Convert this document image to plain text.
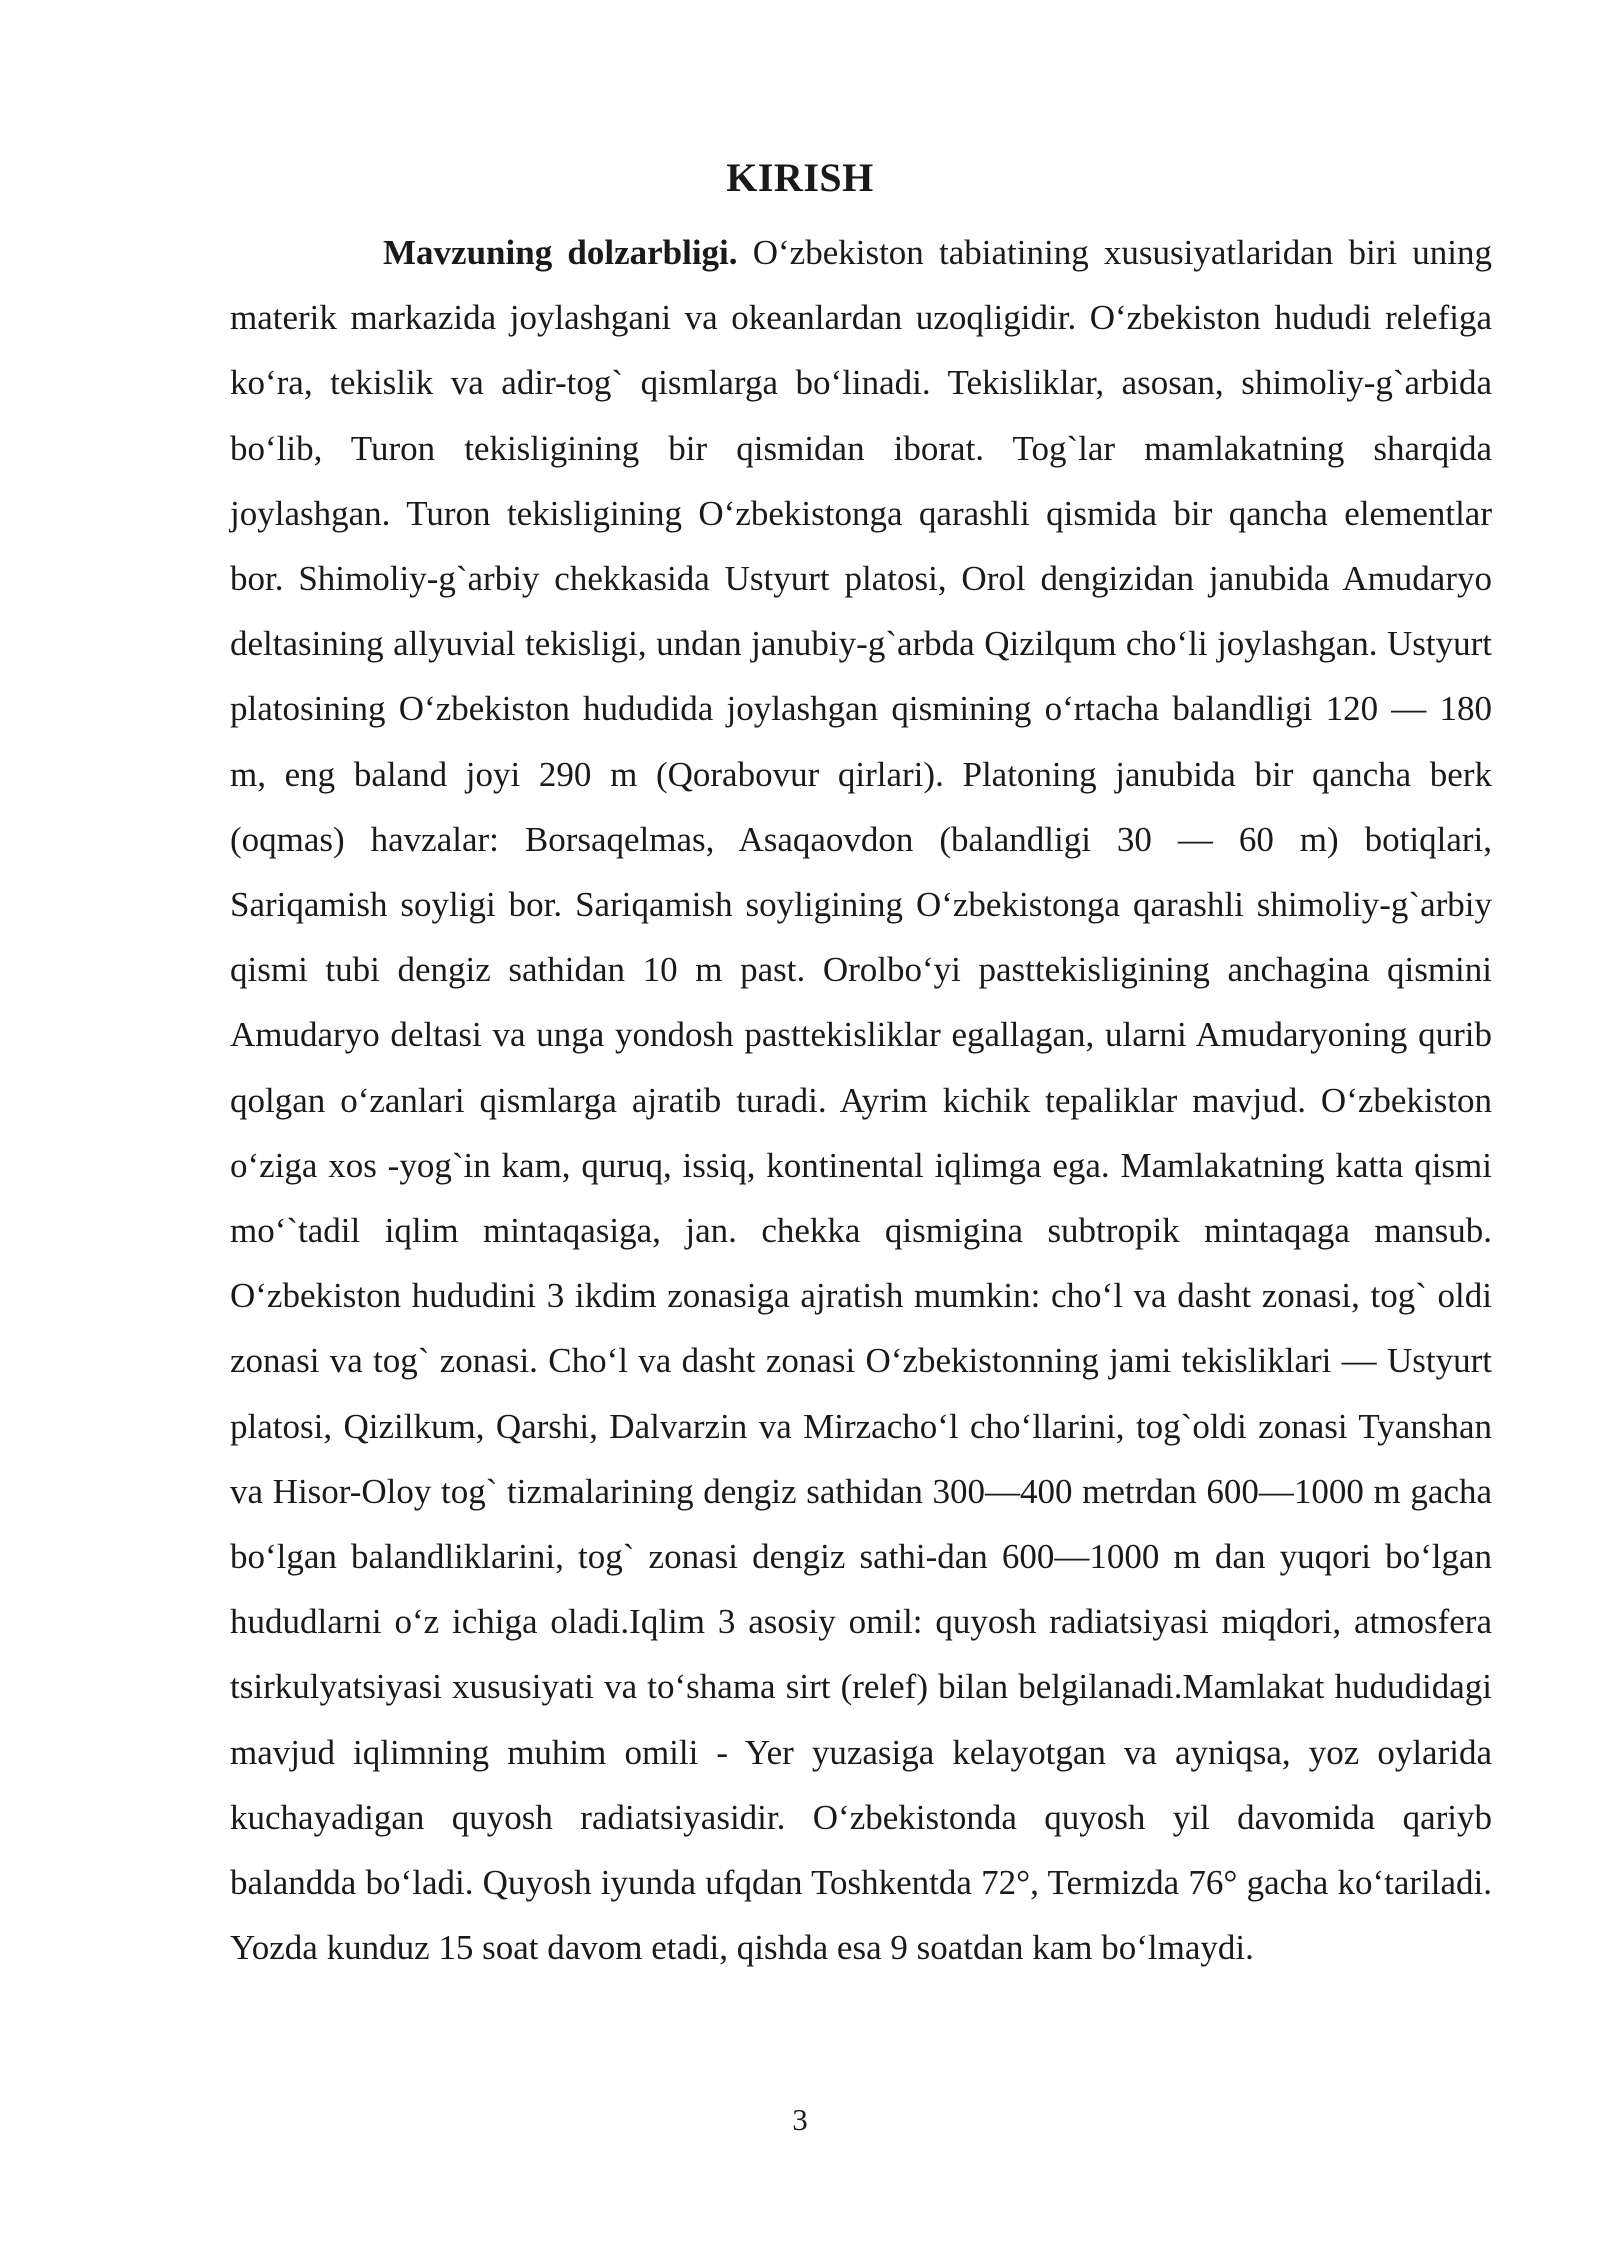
KIRISH

Mavzuning dolzarbligi. O‘zbekiston tabiatining xususiyatlaridan biri uning materik markazida joylashgani va okeanlardan uzoqligidir. O‘zbekiston hududi relefiga ko‘ra, tekislik va adir-tog` qismlarga bo‘linadi. Tekisliklar, asosan, shimoliy-g`arbida bo‘lib, Turon tekisligining bir qismidan iborat. Tog`lar mamlakatning sharqida joylashgan. Turon tekisligining O‘zbekistonga qarashli qismida bir qancha elementlar bor. Shimoliy-g`arbiy chekkasida Ustyurt platosi, Orol dengizidan janubida Amudaryo deltasining allyuvial tekisligi, undan janubiy-g`arbda Qizilqum cho‘li joylashgan. Ustyurt platosining O‘zbekiston hududida joylashgan qismining o‘rtacha balandligi 120 — 180 m, eng baland joyi 290 m (Qorabovur qirlari). Platoning janubida bir qancha berk (oqmas) havzalar: Borsaqelmas, Asaqaovdon (balandligi 30 — 60 m) botiqlari, Sariqamish soyligi bor. Sariqamish soyligining O‘zbekistonga qarashli shimoliy-g`arbiy qismi tubi dengiz sathidan 10 m past. Orolbo‘yi pasttekisligining anchagina qismini Amudaryo deltasi va unga yondosh pasttekisliklar egallagan, ularni Amudaryoning qurib qolgan o‘zanlari qismlarga ajratib turadi. Ayrim kichik tepaliklar mavjud. O‘zbekiston o‘ziga xos -yog`in kam, quruq, issiq, kontinental iqlimga ega. Mamlakatning katta qismi mo‘`tadil iqlim mintaqasiga, jan. chekka qismigina subtropik mintaqaga mansub. O‘zbekiston hududini 3 ikdim zonasiga ajratish mumkin: cho‘l va dasht zonasi, tog` oldi zonasi va tog` zonasi. Cho‘l va dasht zonasi O‘zbekistonning jami tekisliklari — Ustyurt platosi, Qizilkum, Qarshi, Dalvarzin va Mirzacho‘l cho‘llarini, tog`oldi zonasi Tyanshan va Hisor-Oloy tog` tizmalarining dengiz sathidan 300—400 metrdan 600—1000 m gacha bo‘lgan balandliklarini, tog` zonasi dengiz sathi-dan 600—1000 m dan yuqori bo‘lgan hududlarni o‘z ichiga oladi.Iqlim 3 asosiy omil: quyosh radiatsiyasi miqdori, atmosfera tsirkulyatsiyasi xususiyati va to‘shama sirt (relef) bilan belgilanadi.Mamlakat hududidagi mavjud iqlimning muhim omili - Yer yuzasiga kelayotgan va ayniqsa, yoz oylarida kuchayadigan quyosh radiatsiyasidir. O‘zbekistonda quyosh yil davomida qariyb balandda bo‘ladi. Quyosh iyunda ufqdan Toshkentda 72°, Termizda 76° gacha ko‘tariladi. Yozda kunduz 15 soat davom etadi, qishda esa 9 soatdan kam bo‘lmaydi.

3
